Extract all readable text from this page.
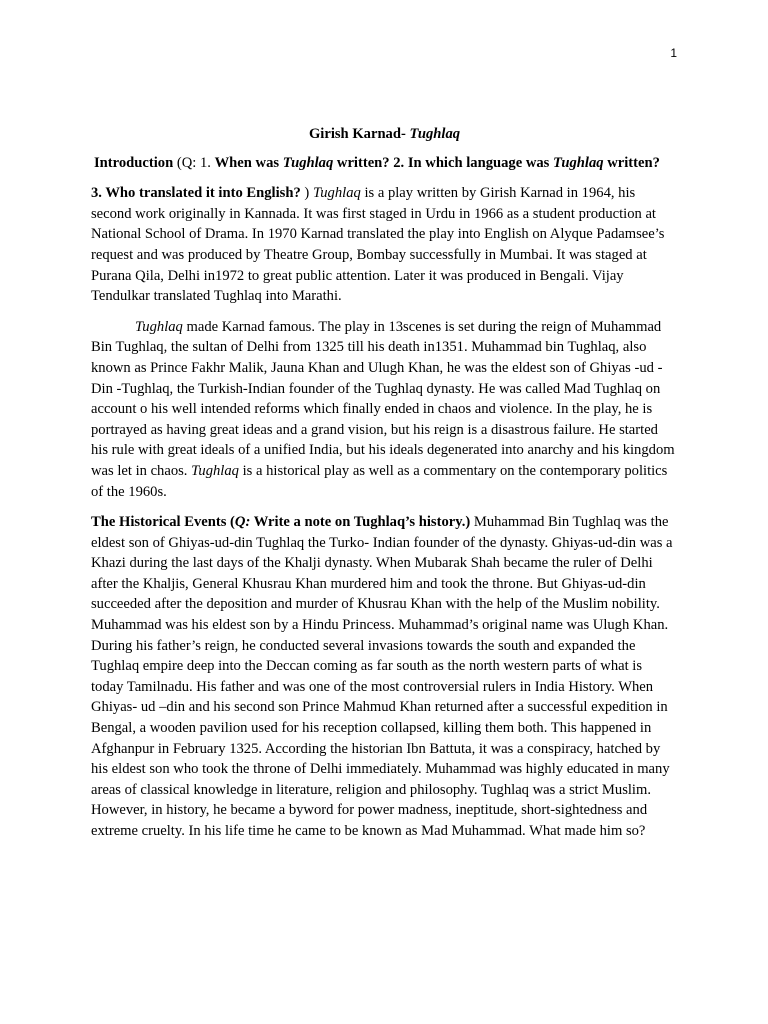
1
Girish Karnad- Tughlaq

Introduction (Q: 1. When was Tughlaq written? 2. In which language was Tughlaq written?

3. Who translated it into English? ) Tughlaq is a play written by Girish Karnad in 1964, his second work originally in Kannada. It was first staged in Urdu in 1966 as a student production at National School of Drama. In 1970 Karnad translated the play into English on Alyque Padamsee’s request and was produced by Theatre Group, Bombay successfully in Mumbai. It was staged at Purana Qila, Delhi in1972 to great public attention. Later it was produced in Bengali. Vijay Tendulkar translated Tughlaq into Marathi.

Tughlaq made Karnad famous. The play in 13scenes is set during the reign of Muhammad Bin Tughlaq, the sultan of Delhi from 1325 till his death in1351. Muhammad bin Tughlaq, also known as Prince Fakhr Malik, Jauna Khan and Ulugh Khan, he was the eldest son of Ghiyas -ud -Din -Tughlaq, the Turkish-Indian founder of the Tughlaq dynasty. He was called Mad Tughlaq on account o his well intended reforms which finally ended in chaos and violence. In the play, he is portrayed as having great ideas and a grand vision, but his reign is a disastrous failure. He started his rule with great ideals of a unified India, but his ideals degenerated into anarchy and his kingdom was let in chaos. Tughlaq is a historical play as well as a commentary on the contemporary politics of the 1960s.

The Historical Events (Q: Write a note on Tughlaq’s history.) Muhammad Bin Tughlaq was the eldest son of Ghiyas-ud-din Tughlaq the Turko- Indian founder of the dynasty. Ghiyas-ud-din was a Khazi during the last days of the Khalji dynasty. When Mubarak Shah became the ruler of Delhi after the Khaljis, General Khusrau Khan murdered him and took the throne. But Ghiyas-ud-din succeeded after the deposition and murder of Khusrau Khan with the help of the Muslim nobility. Muhammad was his eldest son by a Hindu Princess. Muhammad’s original name was Ulugh Khan. During his father’s reign, he conducted several invasions towards the south and expanded the Tughlaq empire deep into the Deccan coming as far south as the north western parts of what is today Tamilnadu. His father and was one of the most controversial rulers in India History. When Ghiyas- ud –din and his second son Prince Mahmud Khan returned after a successful expedition in Bengal, a wooden pavilion used for his reception collapsed, killing them both. This happened in Afghanpur in February 1325. According the historian Ibn Battuta, it was a conspiracy, hatched by his eldest son who took the throne of Delhi immediately. Muhammad was highly educated in many areas of classical knowledge in literature, religion and philosophy. Tughlaq was a strict Muslim. However, in history, he became a byword for power madness, ineptitude, short-sightedness and extreme cruelty. In his life time he came to be known as Mad Muhammad. What made him so?
